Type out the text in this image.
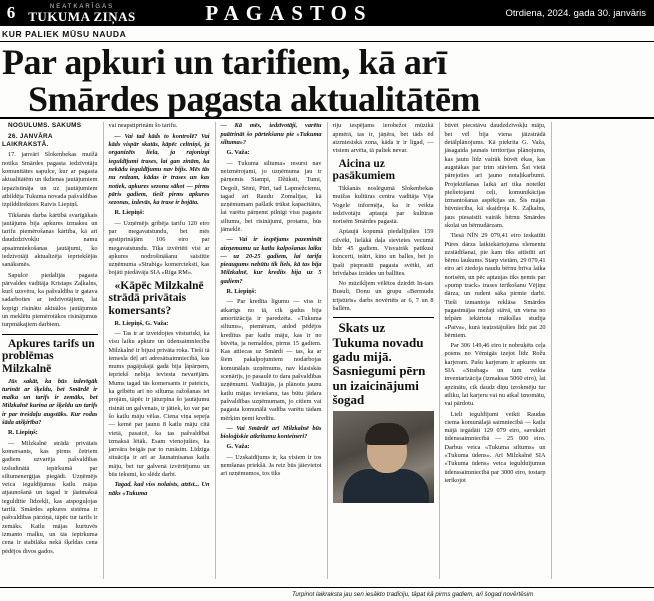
6	NEATKARĪGAS
TUKUMA ZIŅAS	PAGASTOS	Otrdiena, 2024. gada 30. janvāris
KUR PALIEK MŪSU NAUDA
Par apkuri un tarifiem, kā arī
Smārdes pagasta aktualitātēm

NOGULUMS. SĀKUMS

26. JANVĀRA LAIKRAKSTĀ.

17. janvārī Slokenbekas muižā notika Smārdes pagasta iedzīvotāju komunitātes sapulce, kur ar pagasta aktualitātēm un ikdienas jautājumiem iepazīstināja un uz jautājumiem atbildēja Tukuma novada pašvaldības izpilddirektors Raivis Liepiņš.

Tikšanās darba kārtībā svarīgākais jautājums bija apkures izmaksu un tarifu piemērošanas kārtība, kā arī daudzdzīvokļu namu apsaimniekošanas jautājumi, ko iedzīvotāji aktualizēja iepriekšējās sanāksmēs.

Sapulcē piedalījās pagasta pārvaldes vadītāja Kristaps Zaļkalns, kurš uzsvēra, ka pašvaldība ir gatava sadarboties ar iedzīvotājiem, lai kopīgi risinātu aktuālos jautājumus un meklētu piemērotākos risinājumus turpmākajiem darbiem.

Apkures tarifs un problēmas Milzkalnē

Jūs sakāt, ka būs izdevīgāk turināt ar šķeldu, bet Smārdē ir malka un tarifs ir zemāks, bet Milzkalnē kurina ar šķeldu un tarifs ir par trešdaļu augstāks. Kur rodas šāda atšķirība?

R. Liepiņš:

— Milzkalnē strādā privātais komersants, kas pirms četriem gadiem uzvarēja pašvaldības izsludinātā iepirkumā par siltumenerģijas piegādi. Uzņēmējs veica ieguldījumus katlu mājas atjaunošanā un tagad ir jāatmaksā ieguldītie līdzekļi, kas atspoguļojas tarifā. Smārdes apkures sistēma ir pašvaldības pārziņā, tāpēc tur tarifs ir zemāks. Katlu mājas kurtuvēs izmanto malku, un tās iepirkuma cena ir stabilāka nekā šķeldas cena pēdējos divos gados.

vai neapstiprinām šo tarifu.

— Vai tad kāds to kontrolē? Vai kāds vispār skatās, kāpēc celtniņš, ja organizēts liela, ja rajonizgi ieguldījumi trases, lai gan zinām, ka nekādu ieguldījumu nav bijis. Mēs tās nu redzam, kādas ir trases un kas notiek, apkures sezonu sākot — pirms pāris gadiem, tiešī pirms apkures sezonas, izdevās, ka trase ir bojāta.

R. Liepiņš:

— Uzņēmējs gribēja tarifu 120 eiro par megavatstundu, bet mēs apstiprinājām 106 eiro par megavatstundu. Tika izvērtēti visi ar apkures nodrošināšanu saistītie uzņēmuma «Strabig» komercteksti, kas bojāti piedāvāja SIA «Rīga RM».

«Kāpēc Milzkalnē strādā privātais komersants?

R. Liepiņš, G. Važa:

— Tas ir ar izveidojies vēsturiski, ka visu laiku apkure un ūdensaimniecība Milzkalnē ir bijusi privāta roka. Tieši tā iemesla dēļ arī adresātsaimniecībā, kas mums pagājušajā gadā bija ļāpārņem, iepriekš nebija ieviesta nevarējām. Mums tagad tās komersants ir pateicis, ka grībētu arī no siltuma ražošanas iet projām, tāpēc ir jāturpina šo jautājumu risināt un galvenais, ir jātiek, ko var par šo katlu māju vēlas. Ciena viņa sepeja — kemē par jaunu 8 katlu māju citā vietā, pasaicē, ka tas pašvaldībai izmaksā lētāk. Esam vienojušies, ka janvāra beigās par to runāsim. Līdzīga situācija ir arī ar Jaunatnīsanas katlu māju, bet tur galvenā izvērtējumu un būs iekumi, ko slēdz darbi.

Tagad, kad viss nolaists, atzīst... Un nāks «Tukuma

— Kā mēs, iedzīvotāji, varētu paātrināt šo pārtekšanu pie «Tukuma siltuma»?

G. Važa:

— Tukuma siltuma» resursi nav neizmērojami, jo uzņēmuma jau ir pārņemis Stampi, Džūksti, Tumi, Degoli, Sēmi, Pūri, tad Lapmežciemu, tagad arī Raudu Zomalijas, kā uzņēmumam pašlaik trūkst kapacitātes, lai varētu pārņemt pilnīgi visu pagastu siltumu, bet risinājumi, protams, būs jāmeklē.

— Vai ir iespējams pazemināt aizņemumu uz katlu kalpošanas laiku — uz 20-25 gadiem, lai tarifa pieaugums nebūtu tik liels, kā tas bija Milzkalnē, kur kredits bija uz 5 gadiem?

R. Liepiņš:

— Par kredīta līgumu — viss ir atkarīgs no tā, cik gadus bija amortizācija ir paredzēta. «Tukuma siltums», piemēram, atdod pēdējos kredītus par katlu māju, kas ir no būvēta, ja nemaldos, pirms 15 gadiem. Kas attiecas uz Smārdi — tas, ka ar šiem pakalpojumiem nodarbojas komunālais uzņēmums, nav klasiskās scenārijs, jo pasaulē to dara pašvaldības uzņēmumi. Vadītājās, ja plānotu jaunu katlu mājas ieviešanu, tas būtu jādara pašvaldības uzņēmumam, jo citiem vai pagasta komunālā vadība varētu tādam mērķim ņemt kredītu.

— Vai Smārdē arī Milzkalnē būs bioloģiskie atkritumu konteineri?

G. Važa:

— Uzskaidījums ir, ka visiem ir tos ņemšanas priekšā. Ja reiz būs jāievietot arī uzņēmumos, tos tiks

riju iespējams ierobežot mūzikā apmērā, tas ir, jāņēra, bet tāds ēd aizmiesiskā zona, kāda ir ir ligad, — visiem arvēta, tā paliek nevar.

Aicina uz pasākumiem

Tikšanās noslēgumā Slokenbekas muižas kultūras centra vadītāja Vija Vogele informēja, ka ir veikta iedzīvotāju aptauja par kultūras norisēm Smārdes pagastā.

Aptaujā kopumā piedalījušies 159 cilvēki, lielākā daļa sievietes vecumā līdz 45 gadiem. Visvairāk patīkusi koncerti, teātri, kino un balles, bet jo īpaši pieprasīti pagasta svētki, arī brīvdabas izrādes un ballītes.

No mūzikljem vēlētos dzirdēt In-tars Busuli, Donu un grupu «Bermudu trijstūris» darbs novērtēts ar 6, 7 un 8 ballēm.

Skats uz Tukuma novadu gadu mijā. Sasniegumi pērn un izaicinājumi šogad

būvēt piecstāvu daudzdzīvokļu māju, bet vēl bija viena jāizstrādā detālplānojums. Kā piekrita G. Važa, jāsagaida jaunais teritorijas plānojums, kas jautu līdz vairāk būvēt ēkas, kas augstākas par trim stāviem. Šai vietā pārejoties arī jauno notaļikarbumi. Projektēšanas laikā arī tika noteikti pielietojami ceļi, komunikācijas izmantošanas aspēkijas un. Šīs mājas būvniecība, kā skaidroja K. Zaļkalns, jaus piesaistīt vairāk bērnu Smārdes skolai un bērnudārzam.

Tiesā NĪN 29 079,41 eiro ieskaitīti Pūres dārza laikiekārtojuma elementu uzstādīšanai, pie kam tiks attīstīti arī bērnu laukums. Starp vietām, 29 079,41 eiro arī ziedoja naudu bērnu brīva laika norisēm, un pēc aptaujas tiks ņemts par «pump track» trases ierīkošanu Vējiņu dārza, un rudeni sāka pirmie darbi. Tieši izmantoja reklāsa Smārdes pagastmājas mežaji stāvā, un viena no telpām iekārtota māksllas studija «Paiva», kurā ieaizstājušies līdz pat 20 bērniem.

Par 306 149,46 eiro ir nobruķēts ceļa posms no Vēmigās izejot līdz Rožu karjeram. Pašu karjeram ir apkures un SIA «Strabag» un tam veikta inventarizācija (izmaksas 5060 eiro), lai apzinātu, cik daudz dīņu izrokmēju tur atliku, lai karjeru vai nu atkal iznomātu, vai pārdotu.

Lieli ieguldījumi veikti Raudas ciema komunālajā saimniecībā — katlu mājā iegādāti 129 079 eiro, savukārt ūdenssaimniecībā — 25 000 eiro. Darbus veica «Tukuma siltums» un «Tukuma ūdens». Arī Milzkalnē SIA «Tukuma ūdens» veica iegulduījumus ūdenssaimniecībā par 3000 eiro, tostarp ierīkojot

Turpinot laikraksta jau sen iesākto tradīciju, tāpat kā pirms gadiem, arī šogad novērtēsim
